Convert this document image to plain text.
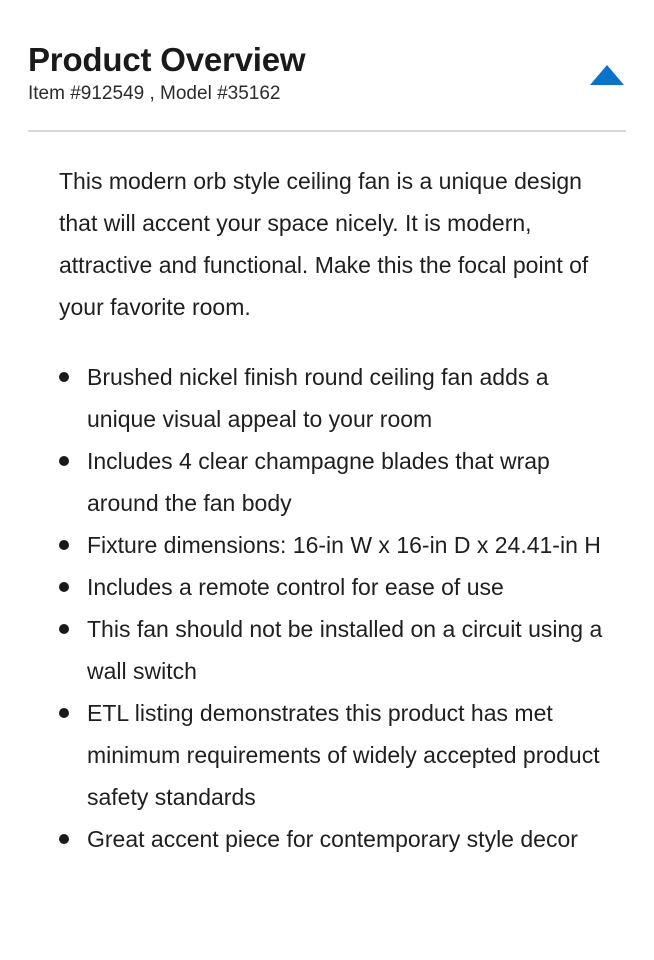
Product Overview
Item #912549 , Model #35162

This modern orb style ceiling fan is a unique design that will accent your space nicely. It is modern, attractive and functional. Make this the focal point of your favorite room.

Brushed nickel finish round ceiling fan adds a unique visual appeal to your room
Includes 4 clear champagne blades that wrap around the fan body
Fixture dimensions: 16-in W x 16-in D x 24.41-in H
Includes a remote control for ease of use
This fan should not be installed on a circuit using a wall switch
ETL listing demonstrates this product has met minimum requirements of widely accepted product safety standards
Great accent piece for contemporary style decor
